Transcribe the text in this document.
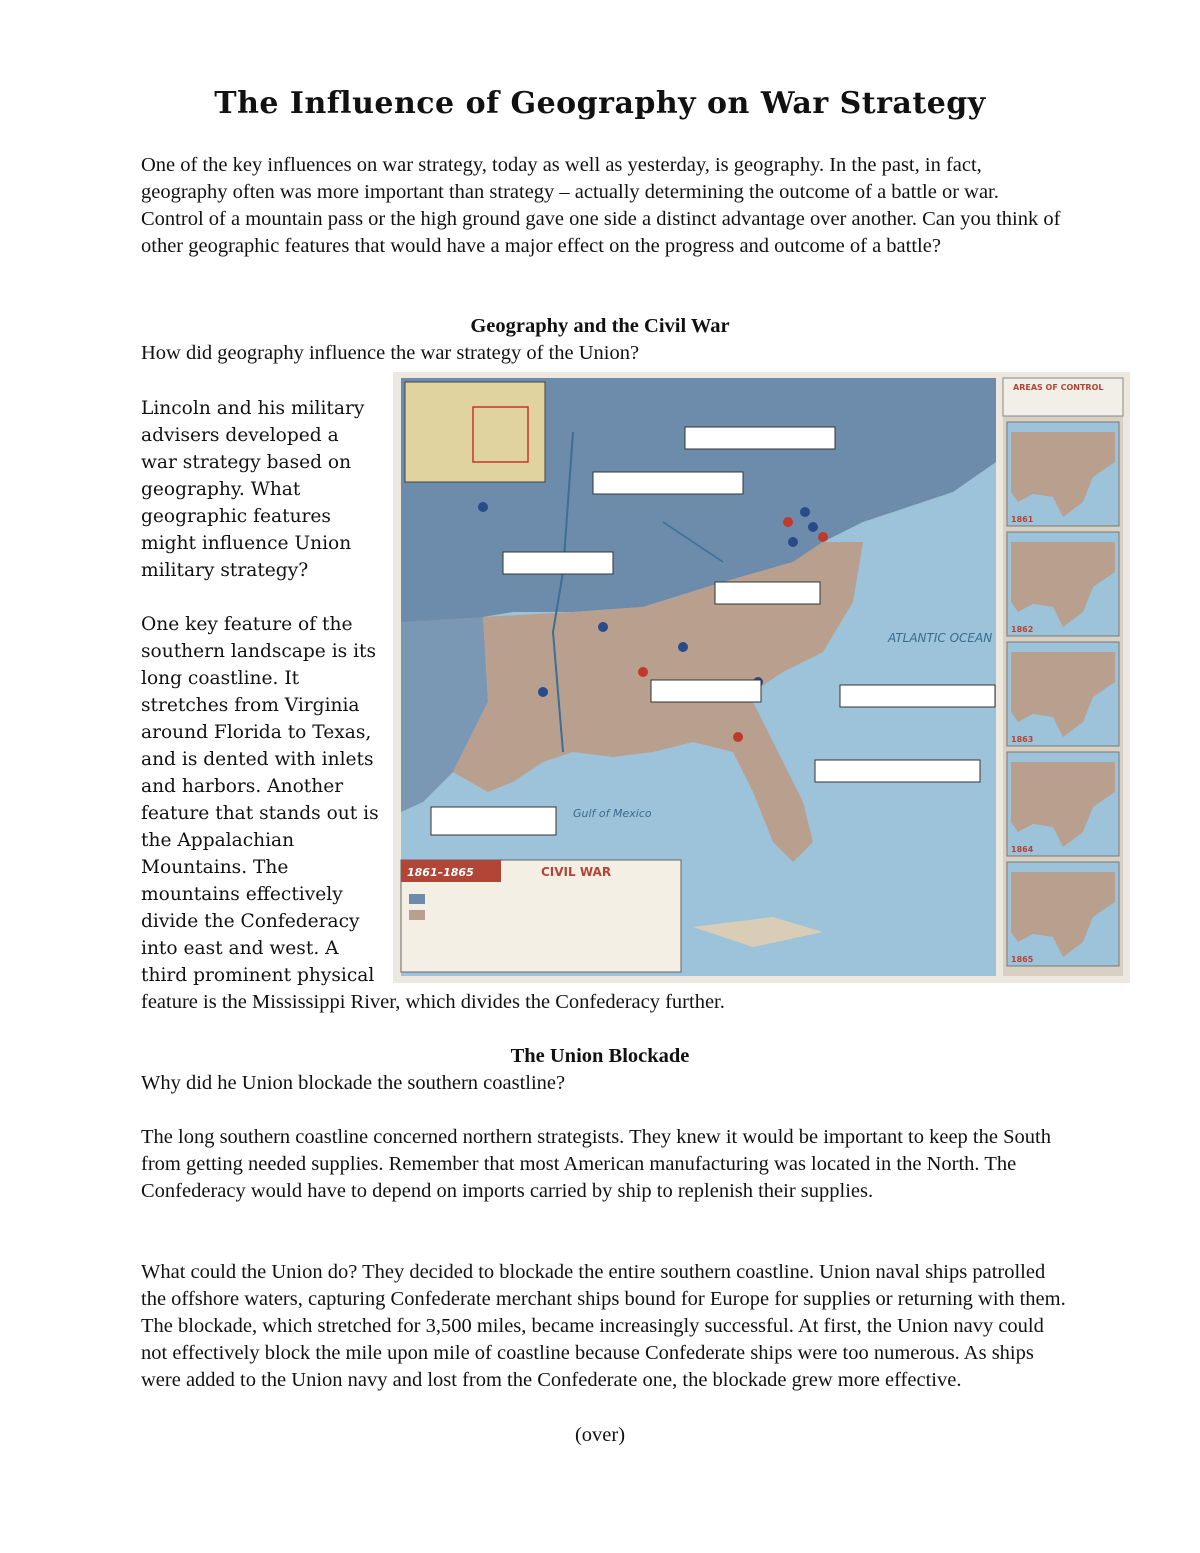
The Influence of Geography on War Strategy

One of the key influences on war strategy, today as well as yesterday, is geography. In the past, in fact, geography often was more important than strategy – actually determining the outcome of a battle or war. Control of a mountain pass or the high ground gave one side a distinct advantage over another. Can you think of other geographic features that would have a major effect on the progress and outcome of a battle?

Geography and the Civil War

How did geography influence the war strategy of the Union?

Lincoln and his military advisers developed a war strategy based on geography. What geographic features might influence Union military strategy?

One key feature of the southern landscape is its long coastline. It stretches from Virginia around Florida to Texas, and is dented with inlets and harbors. Another feature that stands out is the Appalachian Mountains. The mountains effectively divide the Confederacy into east and west. A third prominent physical

ATLANTIC OCEAN
Gulf of Mexico
1861–1865	CIVIL WAR
AREAS OF CONTROL
1861
1862
1863
1864
1865

feature is the Mississippi River, which divides the Confederacy further.

The Union Blockade

Why did he Union blockade the southern coastline?

The long southern coastline concerned northern strategists. They knew it would be important to keep the South from getting needed supplies. Remember that most American manufacturing was located in the North. The Confederacy would have to depend on imports carried by ship to replenish their supplies.

What could the Union do? They decided to blockade the entire southern coastline. Union naval ships patrolled the offshore waters, capturing Confederate merchant ships bound for Europe for supplies or returning with them. The blockade, which stretched for 3,500 miles, became increasingly successful. At first, the Union navy could not effectively block the mile upon mile of coastline because Confederate ships were too numerous. As ships were added to the Union navy and lost from the Confederate one, the blockade grew more effective.

(over)
